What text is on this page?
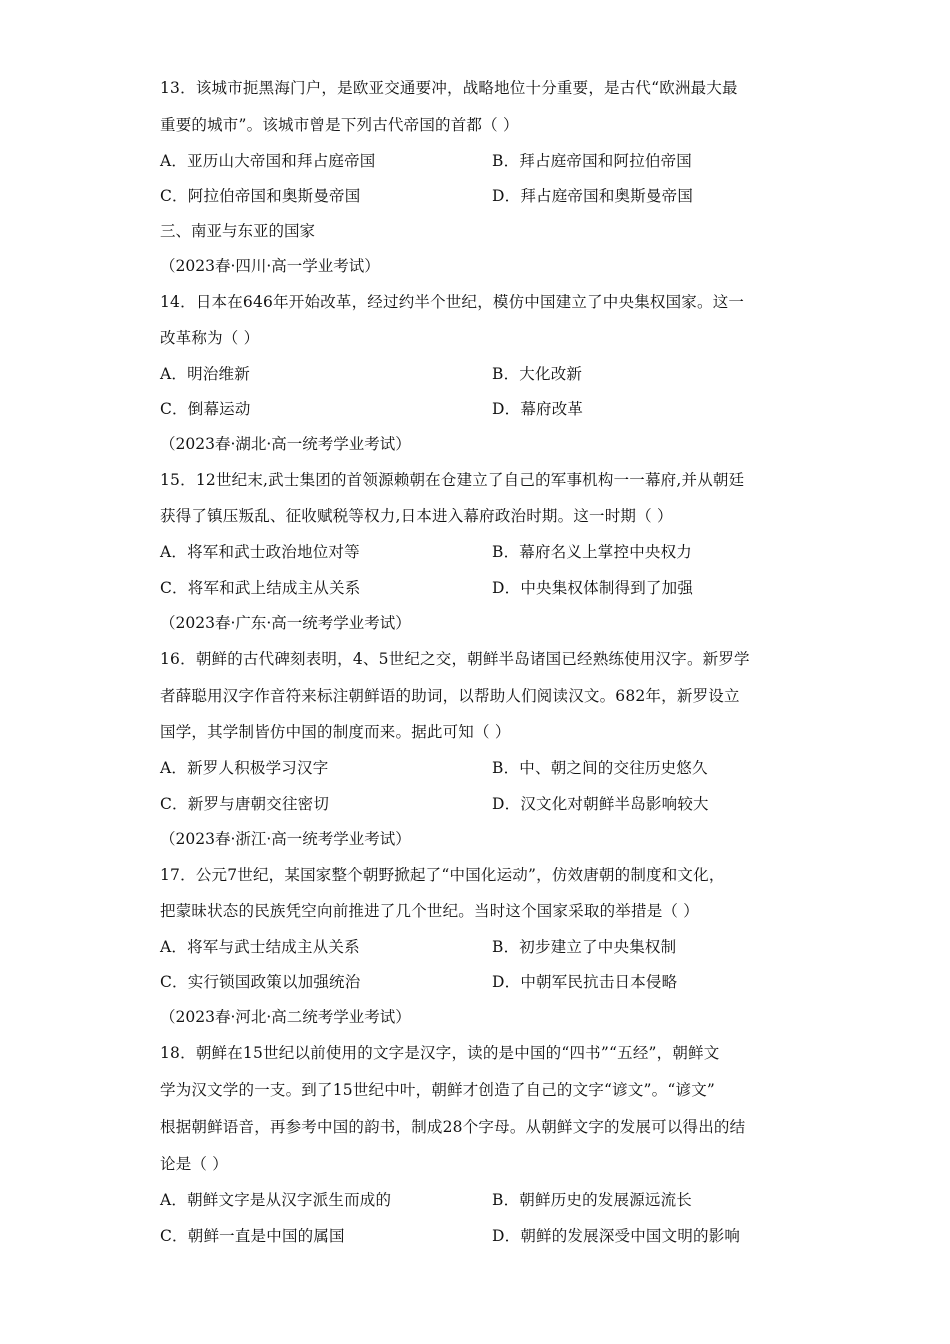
13．该城市扼黑海门户，是欧亚交通要冲，战略地位十分重要，是古代“欧洲最大最
重要的城市”。该城市曾是下列古代帝国的首都（ ）
A．亚历山大帝国和拜占庭帝国	B．拜占庭帝国和阿拉伯帝国
C．阿拉伯帝国和奥斯曼帝国	D．拜占庭帝国和奥斯曼帝国
三、南亚与东亚的国家
（2023春·四川·高一学业考试）
14．日本在646年开始改革，经过约半个世纪，模仿中国建立了中央集权国家。这一
改革称为（ ）
A．明治维新	B．大化改新
C．倒幕运动	D．幕府改革
（2023春·湖北·高一统考学业考试）
15．12世纪末,武士集团的首领源赖朝在仓建立了自己的军事机构一一幕府,并从朝廷
获得了镇压叛乱、征收赋税等权力,日本进入幕府政治时期。这一时期（ ）
A．将军和武士政治地位对等	B．幕府名义上掌控中央权力
C．将军和武上结成主从关系	D．中央集权体制得到了加强
（2023春·广东·高一统考学业考试）
16．朝鲜的古代碑刻表明，4、5世纪之交，朝鲜半岛诸国已经熟练使用汉字。新罗学
者薛聪用汉字作音符来标注朝鲜语的助词，以帮助人们阅读汉文。682年，新罗设立
国学，其学制皆仿中国的制度而来。据此可知（ ）
A．新罗人积极学习汉字	B．中、朝之间的交往历史悠久
C．新罗与唐朝交往密切	D．汉文化对朝鲜半岛影响较大
（2023春·浙江·高一统考学业考试）
17．公元7世纪，某国家整个朝野掀起了“中国化运动”，仿效唐朝的制度和文化，
把蒙昧状态的民族凭空向前推进了几个世纪。当时这个国家采取的举措是（ ）
A．将军与武士结成主从关系	B．初步建立了中央集权制
C．实行锁国政策以加强统治	D．中朝军民抗击日本侵略
（2023春·河北·高二统考学业考试）
18．朝鲜在15世纪以前使用的文字是汉字，读的是中国的“四书”“五经”，朝鲜文
学为汉文学的一支。到了15世纪中叶，朝鲜才创造了自己的文字“谚文”。“谚文”
根据朝鲜语音，再参考中国的韵书，制成28个字母。从朝鲜文字的发展可以得出的结
论是（ ）
A．朝鲜文字是从汉字派生而成的	B．朝鲜历史的发展源远流长
C．朝鲜一直是中国的属国	D．朝鲜的发展深受中国文明的影响
